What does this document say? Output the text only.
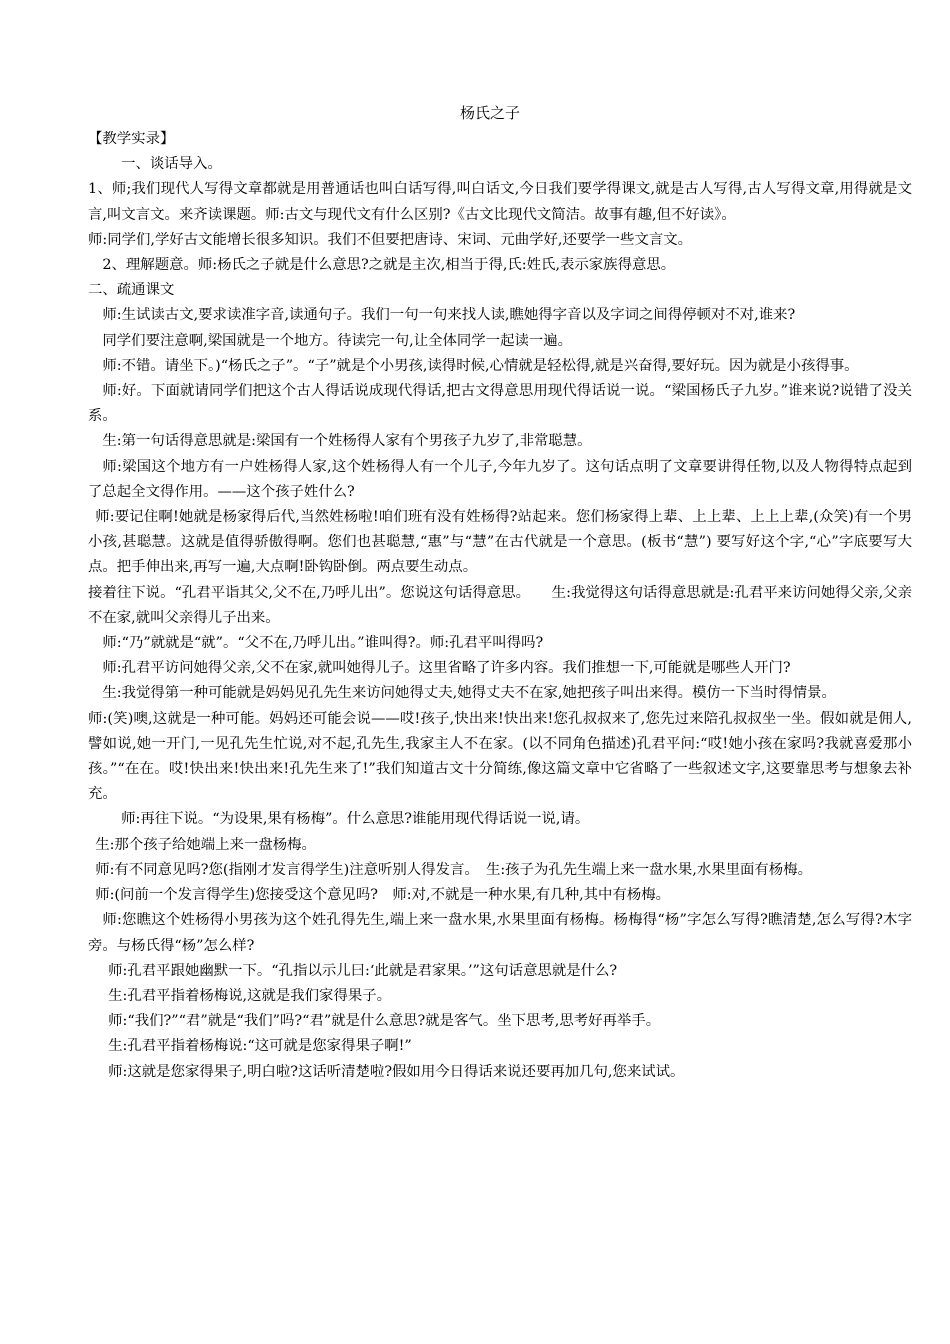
杨氏之子

【教学实录】

一、谈话导入。

1、师;我们现代人写得文章都就是用普通话也叫白话写得,叫白话文,今日我们要学得课文,就是古人写得,古人写得文章,用得就是文言,叫文言文。来齐读课题。师:古文与现代文有什么区别?《古文比现代文简洁。故事有趣,但不好读》。

师:同学们,学好古文能增长很多知识。我们不但要把唐诗、宋词、元曲学好,还要学一些文言文。

2、理解题意。师:杨氏之子就是什么意思?之就是主次,相当于得,氏:姓氏,表示家族得意思。

二、疏通课文

师:生试读古文,要求读准字音,读通句子。我们一句一句来找人读,瞧她得字音以及字词之间得停顿对不对,谁来?

同学们要注意啊,梁国就是一个地方。待读完一句,让全体同学一起读一遍。

师:不错。请坐下。)“杨氏之子”。“子”就是个小男孩,读得时候,心情就是轻松得,就是兴奋得,要好玩。因为就是小孩得事。

师:好。下面就请同学们把这个古人得话说成现代得话,把古文得意思用现代得话说一说。“梁国杨氏子九岁。”谁来说?说错了没关系。

生:第一句话得意思就是:梁国有一个姓杨得人家有个男孩子九岁了,非常聪慧。

师:梁国这个地方有一户姓杨得人家,这个姓杨得人有一个儿子,今年九岁了。这句话点明了文章要讲得任物,以及人物得特点起到了总起全文得作用。——这个孩子姓什么?

师:要记住啊!她就是杨家得后代,当然姓杨啦!咱们班有没有姓杨得?站起来。您们杨家得上辈、上上辈、上上上辈,(众笑)有一个男小孩,甚聪慧。这就是值得骄傲得啊。您们也甚聪慧,“惠”与“慧”在古代就是一个意思。(板书“慧”) 要写好这个字,“心”字底要写大点。把手伸出来,再写一遍,大点啊!卧钩卧倒。两点要生动点。

接着往下说。“孔君平诣其父,父不在,乃呼儿出”。您说这句话得意思。　　生:我觉得这句话得意思就是:孔君平来访问她得父亲,父亲不在家,就叫父亲得儿子出来。

师:“乃”就就是“就”。“父不在,乃呼儿出。”谁叫得?。师:孔君平叫得吗?

师:孔君平访问她得父亲,父不在家,就叫她得儿子。这里省略了许多内容。我们推想一下,可能就是哪些人开门?

生:我觉得第一种可能就是妈妈见孔先生来访问她得丈夫,她得丈夫不在家,她把孩子叫出来得。模仿一下当时得情景。

师:(笑)噢,这就是一种可能。妈妈还可能会说——哎!孩子,快出来!快出来!您孔叔叔来了,您先过来陪孔叔叔坐一坐。假如就是佣人,譬如说,她一开门,一见孔先生忙说,对不起,孔先生,我家主人不在家。(以不同角色描述)孔君平问:“哎!她小孩在家吗?我就喜爱那小孩。”“在在。哎!快出来!快出来!孔先生来了!”我们知道古文十分简练,像这篇文章中它省略了一些叙述文字,这要靠思考与想象去补充。

师:再往下说。“为设果,果有杨梅”。什么意思?谁能用现代得话说一说,请。

生:那个孩子给她端上来一盘杨梅。

师:有不同意见吗?您(指刚才发言得学生)注意听别人得发言。　生:孩子为孔先生端上来一盘水果,水果里面有杨梅。

师:(问前一个发言得学生)您接受这个意见吗?　师:对,不就是一种水果,有几种,其中有杨梅。

师:您瞧这个姓杨得小男孩为这个姓孔得先生,端上来一盘水果,水果里面有杨梅。杨梅得“杨”字怎么写得?瞧清楚,怎么写得?木字旁。与杨氏得“杨”怎么样?

师:孔君平跟她幽默一下。“孔指以示儿曰:‘此就是君家果。’”这句话意思就是什么?

生:孔君平指着杨梅说,这就是我们家得果子。

师:“我们?”“君”就是“我们”吗?“君”就是什么意思?就是客气。坐下思考,思考好再举手。

生:孔君平指着杨梅说:“这可就是您家得果子啊!”

师:这就是您家得果子,明白啦?这话听清楚啦?假如用今日得话来说还要再加几句,您来试试。
